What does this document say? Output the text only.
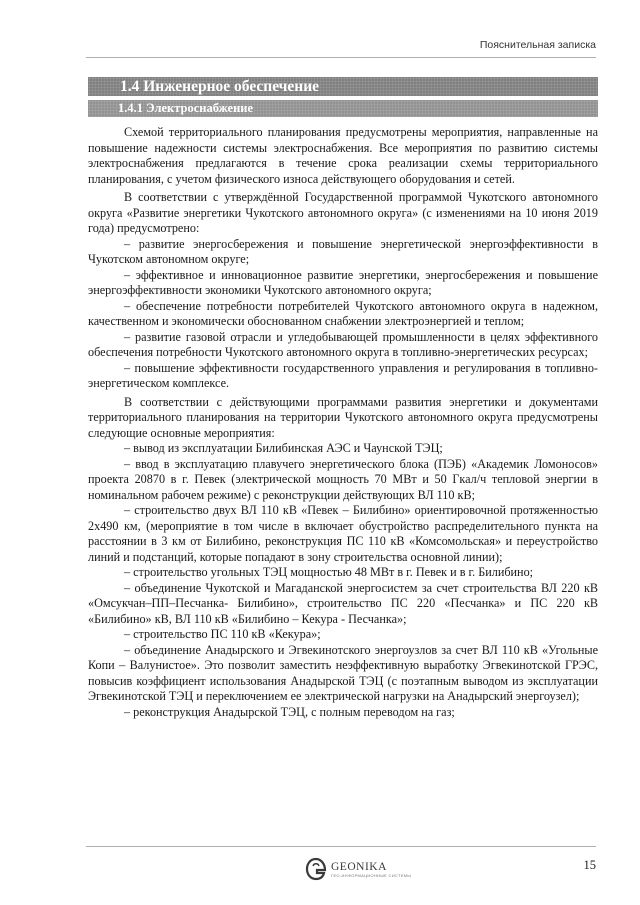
Пояснительная записка
1.4 Инженерное обеспечение
1.4.1 Электроснабжение

Схемой территориального планирования предусмотрены мероприятия, направленные на повышение надежности системы электроснабжения. Все мероприятия по развитию системы электроснабжения предлагаются в течение срока реализации схемы территориального планирования, с учетом физического износа действующего оборудования и сетей.

В соответствии с утверждённой Государственной программой Чукотского автономного округа «Развитие энергетики Чукотского автономного округа» (с изменениями на 10 июня 2019 года) предусмотрено:

– развитие энергосбережения и повышение энергетической энергоэффективности в Чукотском автономном округе;

– эффективное и инновационное развитие энергетики, энергосбережения и повышение энергоэффективности экономики Чукотского автономного округа;

– обеспечение потребности потребителей Чукотского автономного округа в надежном, качественном и экономически обоснованном снабжении электроэнергией и теплом;

– развитие газовой отрасли и угледобывающей промышленности в целях эффективного обеспечения потребности Чукотского автономного округа в топливно-энергетических ресурсах;

– повышение эффективности государственного управления и регулирования в топливно-энергетическом комплексе.

В соответствии с действующими программами развития энергетики и документами территориального планирования на территории Чукотского автономного округа предусмотрены следующие основные мероприятия:

– вывод из эксплуатации Билибинская АЭС и Чаунской ТЭЦ;

– ввод в эксплуатацию плавучего энергетического блока (ПЭБ) «Академик Ломоносов» проекта 20870 в г. Певек (электрической мощность 70 МВт и 50 Гкал/ч тепловой энергии в номинальном рабочем режиме) с реконструкции действующих ВЛ 110 кВ;

– строительство двух ВЛ 110 кВ «Певек – Билибино» ориентировочной протяженностью 2х490 км, (мероприятие в том числе в включает обустройство распределительного пункта на расстоянии в 3 км от Билибино, реконструкция ПС 110 кВ «Комсомольская» и переустройство линий и подстанций, которые попадают в зону строительства основной линии);

– строительство угольных ТЭЦ мощностью 48 МВт в г. Певек и в г. Билибино;

– объединение Чукотской и Магаданской энергосистем за счет строительства ВЛ 220 кВ «Омсукчан–ПП–Песчанка- Билибино», строительство ПС 220 «Песчанка» и ПС 220 кВ «Билибино» кВ, ВЛ 110 кВ «Билибино – Кекура - Песчанка»;

– строительство ПС 110 кВ «Кекура»;

– объединение Анадырского и Эгвекинотского энергоузлов за счет ВЛ 110 кВ «Угольные Копи – Валунистое». Это позволит заместить неэффективную выработку Эгвекинотской ГРЭС, повысив коэффициент использования Анадырской ТЭЦ (с поэтапным выводом из эксплуатации Эгвекинотской ТЭЦ и переключением ее электрической нагрузки на Анадырский энергоузел);

– реконструкция Анадырской ТЭЦ, с полным переводом на газ;

GEONIKA
ГЕО-ИНФОРМАЦИОННЫЕ СИСТЕМЫ
15
